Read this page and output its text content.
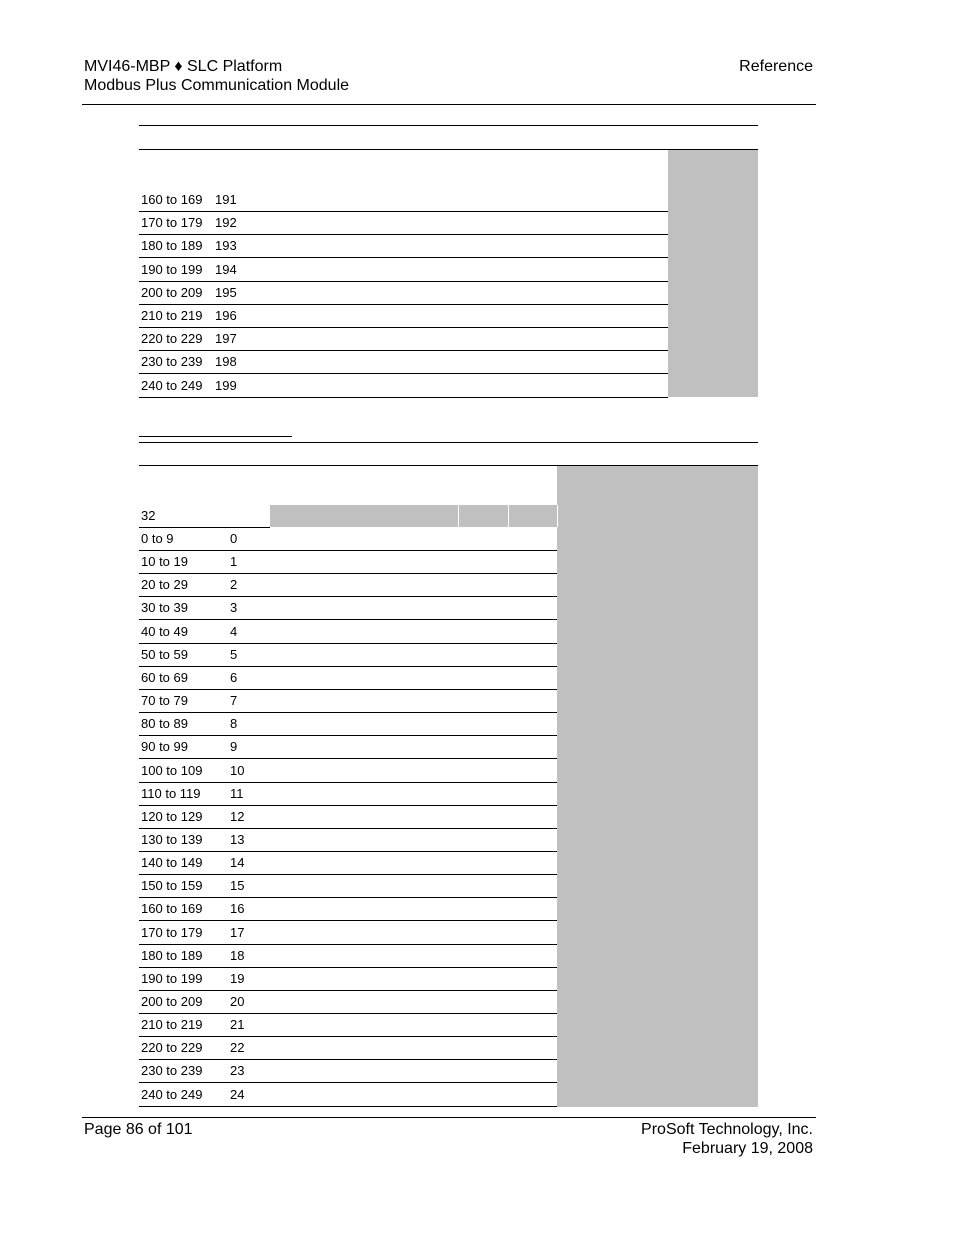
MVI46-MBP ♦ SLC Platform
Modbus Plus Communication Module
Reference
160 to 169 191
170 to 179 192
180 to 189 193
190 to 199 194
200 to 209 195
210 to 219 196
220 to 229 197
230 to 239 198
240 to 249 199
32
0 to 9	0
10 to 19	1
20 to 29	2
30 to 39	3
40 to 49	4
50 to 59	5
60 to 69	6
70 to 79	7
80 to 89	8
90 to 99	9
100 to 109 10
110 to 119 11
120 to 129 12
130 to 139 13
140 to 149 14
150 to 159 15
160 to 169 16
170 to 179 17
180 to 189 18
190 to 199 19
200 to 209 20
210 to 219 21
220 to 229 22
230 to 239 23
240 to 249 24
Page 86 of 101	ProSoft Technology, Inc.
February 19, 2008
